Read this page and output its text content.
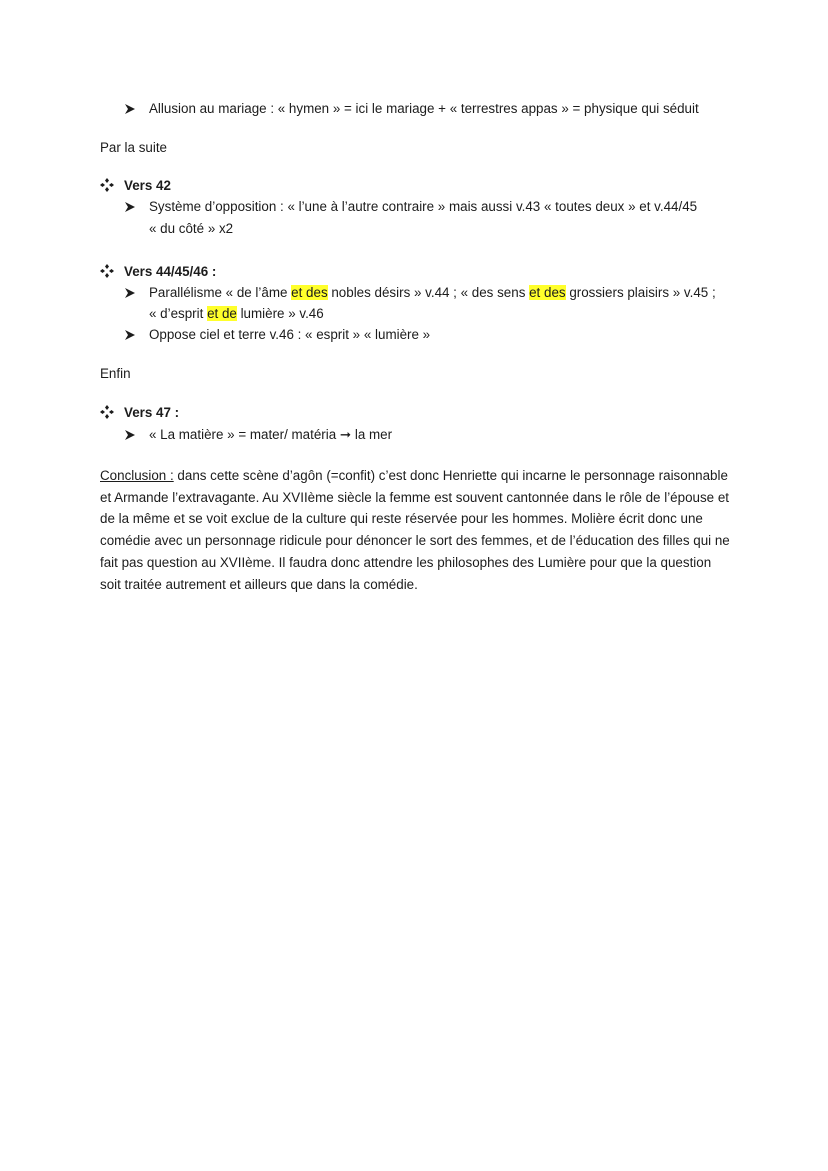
Allusion au mariage : « hymen » = ici le mariage + « terrestres appas » = physique qui séduit
Par la suite
Vers 42
Système d’opposition : « l’une à l’autre contraire » mais aussi v.43 « toutes deux » et v.44/45
« du côté » x2
Vers 44/45/46 :
Parallélisme « de l’âme et des nobles désirs » v.44 ; « des sens et des grossiers plaisirs » v.45 ;
« d’esprit et de lumière » v.46
Oppose ciel et terre v.46 : « esprit » « lumière »
Enfin
Vers 47 :
« La matière » = mater/ matéria ➞ la mer
Conclusion : dans cette scène d’agôn (=confit) c’est donc Henriette qui incarne le personnage raisonnable et Armande l’extravagante. Au XVIIème siècle la femme est souvent cantonnée dans le rôle de l’épouse et de la même et se voit exclue de la culture qui reste réservée pour les hommes. Molière écrit donc une comédie avec un personnage ridicule pour dénoncer le sort des femmes, et de l’éducation des filles qui ne fait pas question au XVIIème. Il faudra donc attendre les philosophes des Lumière pour que la question soit traitée autrement et ailleurs que dans la comédie.
